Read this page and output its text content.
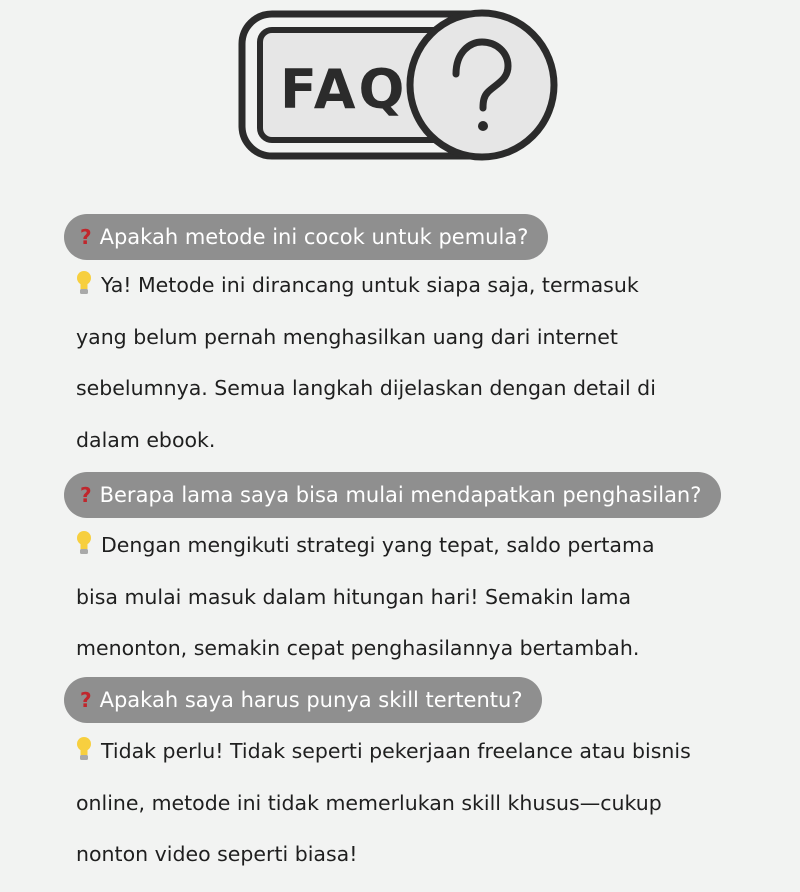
FAQ
? Apakah metode ini cocok untuk pemula?
Ya! Metode ini dirancang untuk siapa saja, termasuk
yang belum pernah menghasilkan uang dari internet
sebelumnya. Semua langkah dijelaskan dengan detail di
dalam ebook.
? Berapa lama saya bisa mulai mendapatkan penghasilan?
Dengan mengikuti strategi yang tepat, saldo pertama
bisa mulai masuk dalam hitungan hari! Semakin lama
menonton, semakin cepat penghasilannya bertambah.
? Apakah saya harus punya skill tertentu?
Tidak perlu! Tidak seperti pekerjaan freelance atau bisnis
online, metode ini tidak memerlukan skill khusus—cukup
nonton video seperti biasa!
